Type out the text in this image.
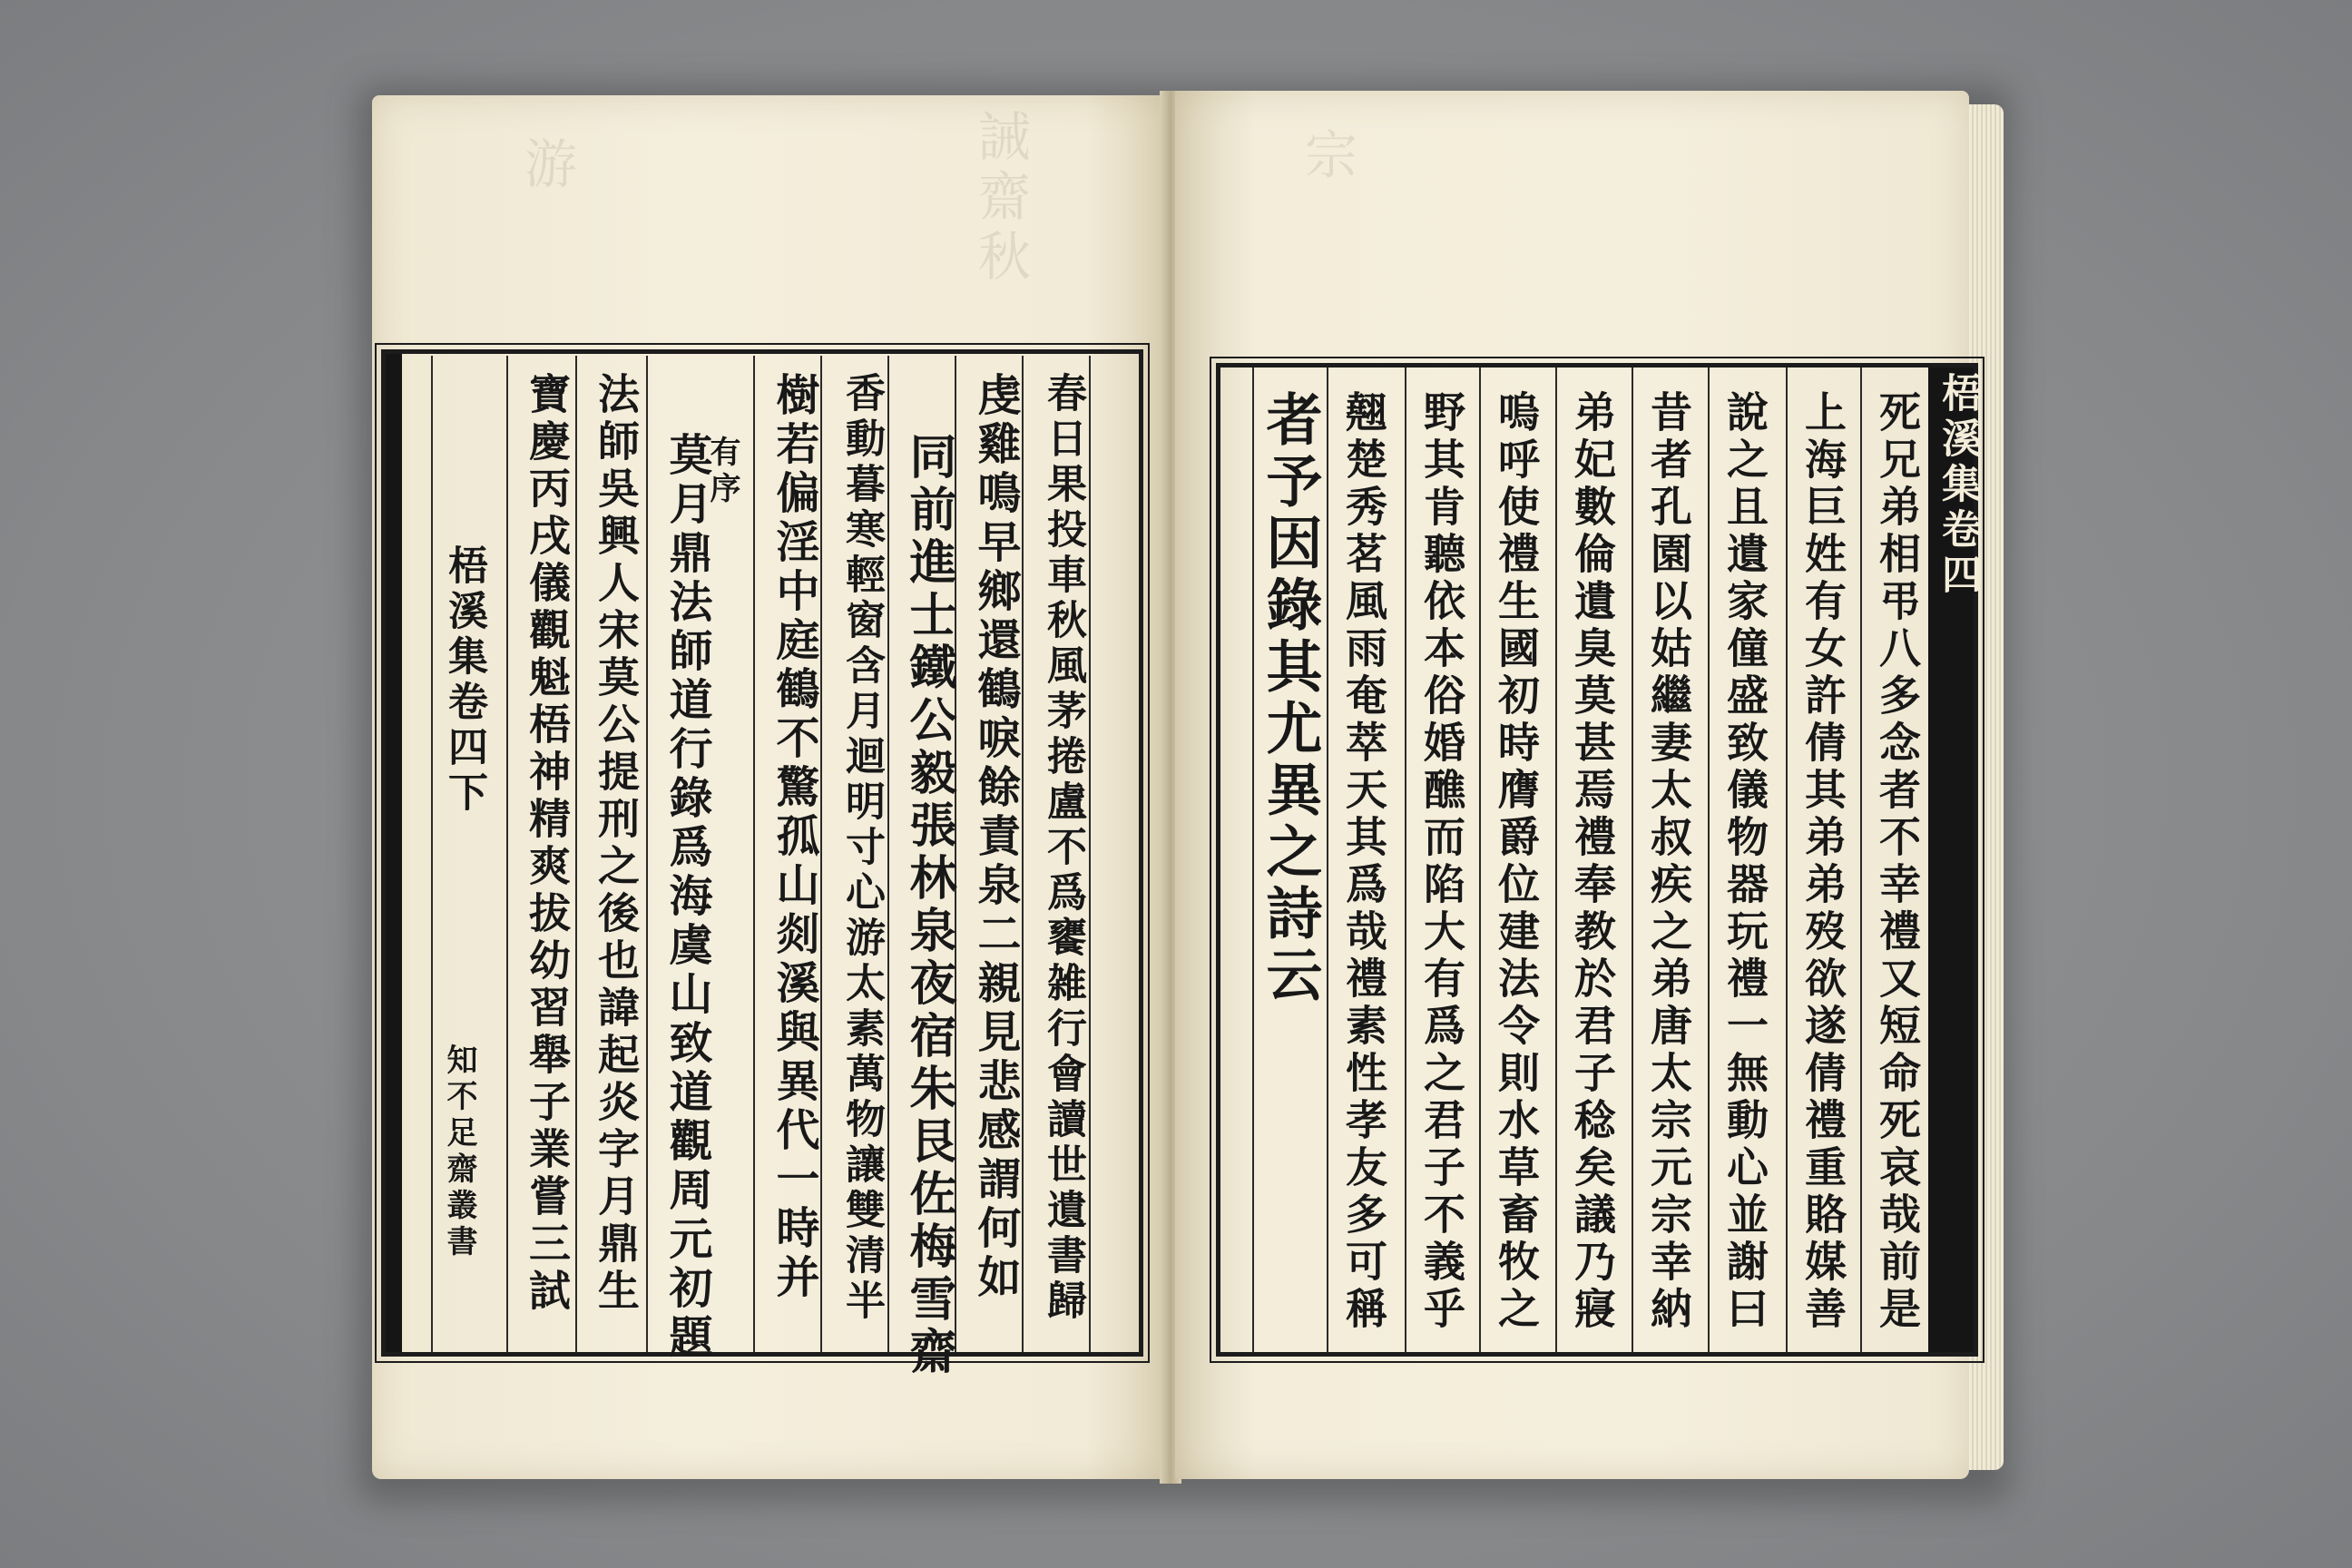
誡齋秋
游
春日果投車秋風茅捲盧不爲饔雑行會讀世遺書歸
虔雞鳴早鄉還鶴唳餘責泉二親見悲感謂何如
同前進士鐵公毅張林泉夜宿朱艮佐梅雪齋
香動暮寒輕窗含月迴明寸心游太素萬物讓雙清半
樹若偏淫中庭鶴不驚孤山剡溪與異代一時并
有序
莫月鼎法師道行錄爲海虞山致道觀周元初題
法師吳興人宋莫公提刑之後也諱起炎字月鼎生
寶慶丙戌儀觀魁梧神精爽拔幼習舉子業嘗三試
梧溪集卷四下
知不足齋叢書
宗
梧溪集卷四
死兄弟相弔八多念者不幸禮又短命死哀哉前是
上海巨姓有女許倩其弟弟歿欲遂倩禮重賂媒善
說之且遺家僮盛致儀物器玩禮一無動心並謝曰
昔者孔園以姑繼妻太叔疾之弟唐太宗元宗幸納
弟妃數倫遺臭莫甚焉禮奉教於君子稔矣議乃寢
嗚呼使禮生國初時膺爵位建法令則水草畜牧之
野其肯聽依本俗婚醮而陷大有爲之君子不義乎
翹楚秀茗風雨奄萃天其爲哉禮素性孝友多可稱
者予因錄其尤異之詩云
